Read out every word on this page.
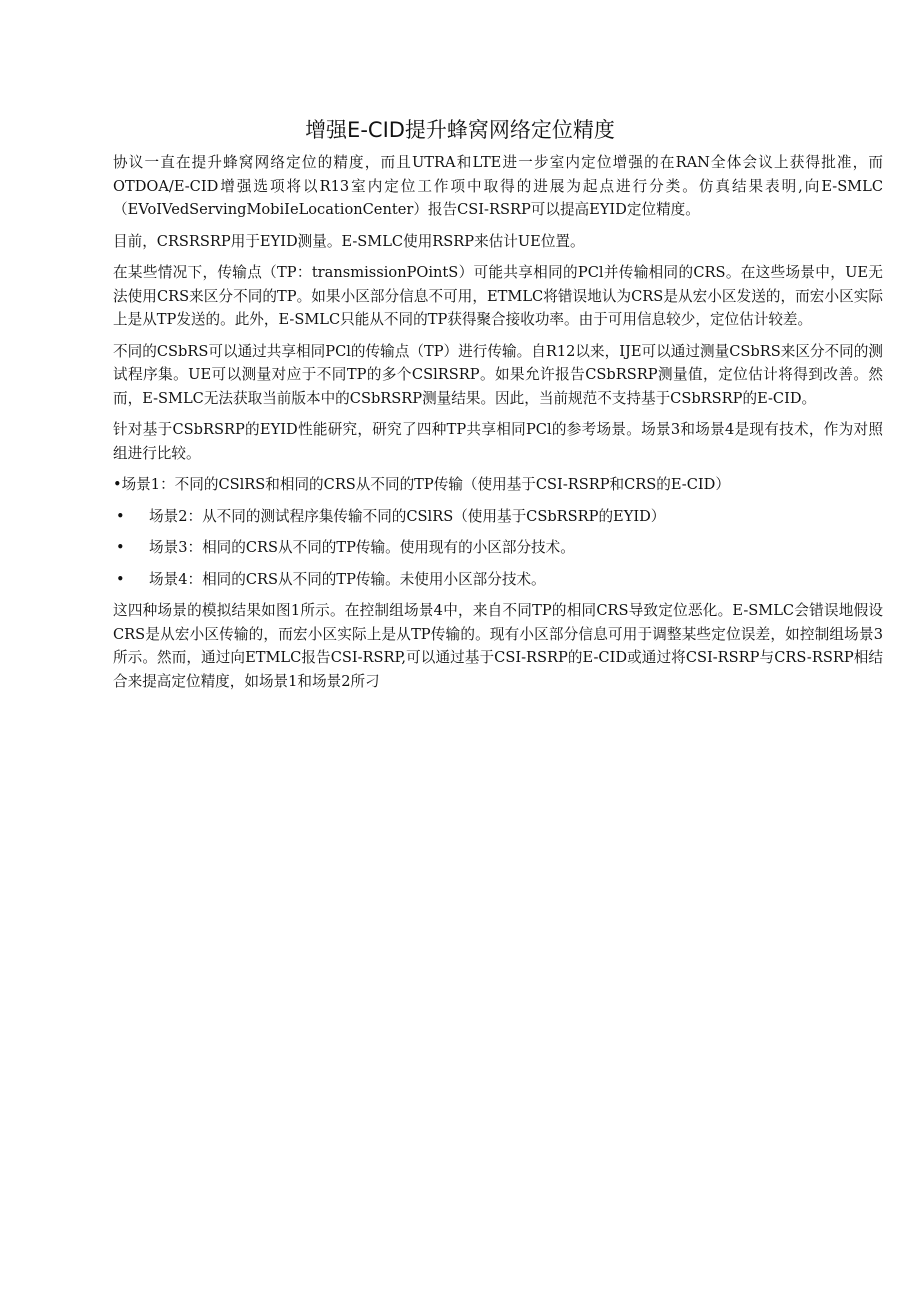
增强E-CID提升蜂窝网络定位精度

协议一直在提升蜂窝网络定位的精度，而且UTRA和LTE进一步室内定位增强的在RAN全体会议上获得批准，而OTDOA/E-CID增强选项将以R13室内定位工作项中取得的进展为起点进行分类。仿真结果表明,向E-SMLC（EVoIVedServingMobiIeLocationCenter）报告CSI-RSRP可以提高EYID定位精度。

目前，CRSRSRP用于EYID测量。E-SMLC使用RSRP来估计UE位置。

在某些情况下，传输点（TP：transmissionPOintS）可能共享相同的PCl并传输相同的CRS。在这些场景中，UE无法使用CRS来区分不同的TP。如果小区部分信息不可用，ETMLC将错误地认为CRS是从宏小区发送的，而宏小区实际上是从TP发送的。此外，E-SMLC只能从不同的TP获得聚合接收功率。由于可用信息较少，定位估计较差。

不同的CSbRS可以通过共享相同PCl的传输点（TP）进行传输。自R12以来，IJE可以通过测量CSbRS来区分不同的测试程序集。UE可以测量对应于不同TP的多个CSlRSRP。如果允许报告CSbRSRP测量值，定位估计将得到改善。然而，E-SMLC无法获取当前版本中的CSbRSRP测量结果。因此，当前规范不支持基于CSbRSRP的E-CID。

针对基于CSbRSRP的EYID性能研究，研究了四种TP共享相同PCl的参考场景。场景3和场景4是现有技术，作为对照组进行比较。

•场景1：不同的CSlRS和相同的CRS从不同的TP传输（使用基于CSI-RSRP和CRS的E-CID）

•	场景2：从不同的测试程序集传输不同的CSlRS（使用基于CSbRSRP的EYID）
•	场景3：相同的CRS从不同的TP传输。使用现有的小区部分技术。
•	场景4：相同的CRS从不同的TP传输。未使用小区部分技术。

这四种场景的模拟结果如图1所示。在控制组场景4中，来自不同TP的相同CRS导致定位恶化。E-SMLC会错误地假设CRS是从宏小区传输的，而宏小区实际上是从TP传输的。现有小区部分信息可用于调整某些定位误差，如控制组场景3所示。然而，通过向ETMLC报告CSI-RSRP,可以通过基于CSI-RSRP的E-CID或通过将CSI-RSRP与CRS-RSRP相结合来提高定位精度，如场景1和场景2所刁
